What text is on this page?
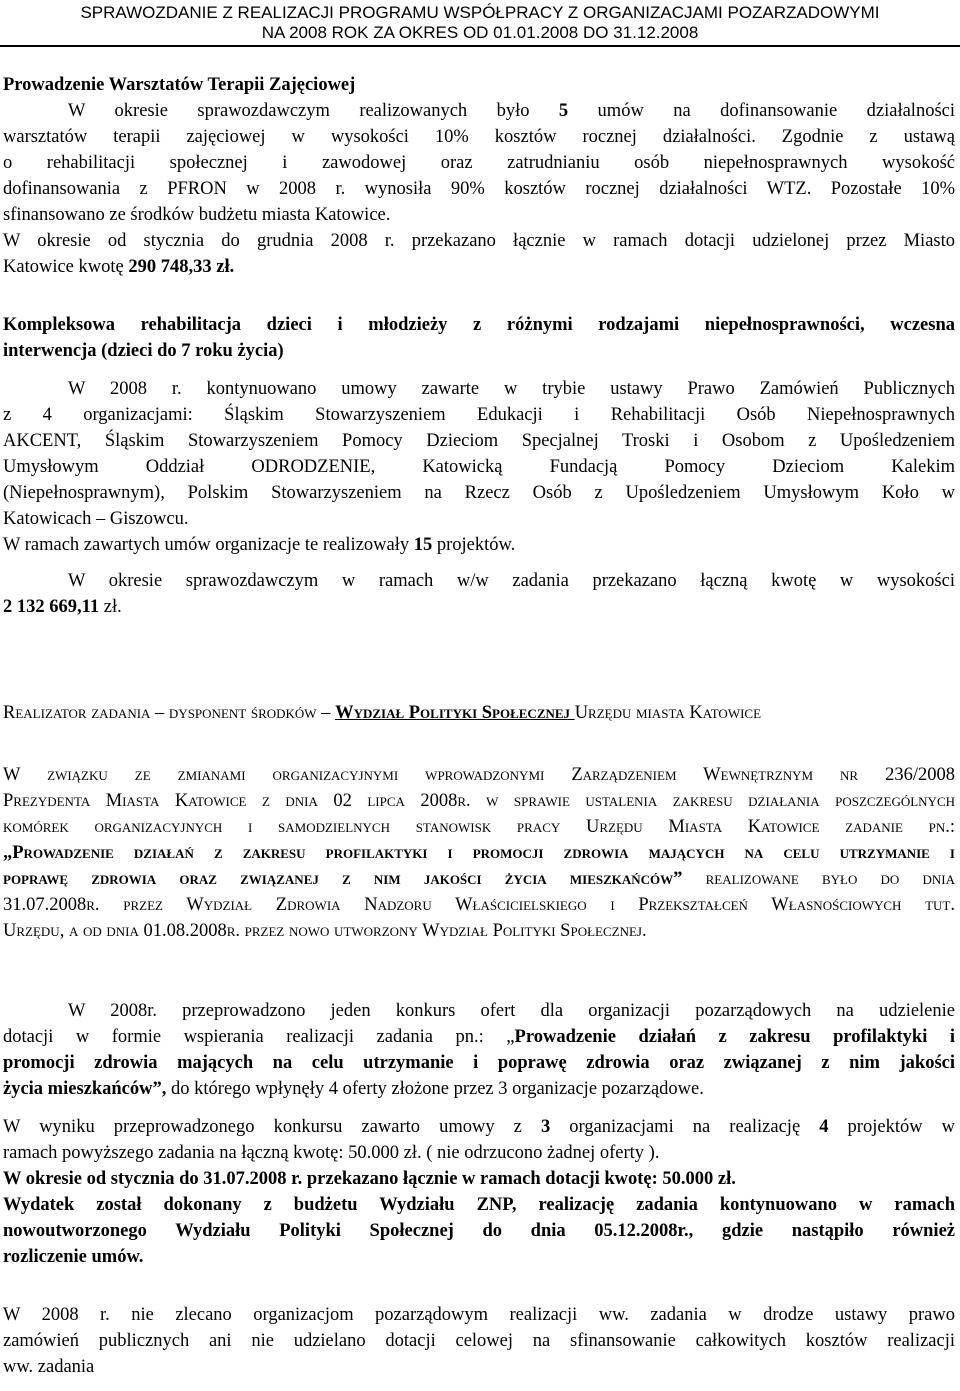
SPRAWOZDANIE Z REALIZACJI PROGRAMU WSPÓŁPRACY Z ORGANIZACJAMI POZARZADOWYMI
NA 2008 ROK ZA OKRES OD 01.01.2008 DO 31.12.2008
Prowadzenie Warsztatów Terapii Zajęciowej
W okresie sprawozdawczym realizowanych było 5 umów na dofinansowanie działalności
warsztatów terapii zajęciowej w wysokości 10% kosztów rocznej działalności. Zgodnie z ustawą
o rehabilitacji społecznej i zawodowej oraz zatrudnianiu osób niepełnosprawnych wysokość
dofinansowania z PFRON w 2008 r. wynosiła 90% kosztów rocznej działalności WTZ. Pozostałe 10%
sfinansowano ze środków budżetu miasta Katowice.
W okresie od stycznia do grudnia 2008 r. przekazano łącznie w ramach dotacji udzielonej przez Miasto
Katowice kwotę 290 748,33 zł.
Kompleksowa rehabilitacja dzieci i młodzieży z różnymi rodzajami niepełnosprawności, wczesna
interwencja (dzieci do 7 roku życia)
W 2008 r. kontynuowano umowy zawarte w trybie ustawy Prawo Zamówień Publicznych
z 4 organizacjami: Śląskim Stowarzyszeniem Edukacji i Rehabilitacji Osób Niepełnosprawnych
AKCENT, Śląskim Stowarzyszeniem Pomocy Dzieciom Specjalnej Troski i Osobom z Upośledzeniem
Umysłowym Oddział ODRODZENIE, Katowicką Fundacją Pomocy Dzieciom Kalekim
(Niepełnosprawnym), Polskim Stowarzyszeniem na Rzecz Osób z Upośledzeniem Umysłowym Koło w
Katowicach – Giszowcu.
W ramach zawartych umów organizacje te realizowały 15 projektów.
W okresie sprawozdawczym w ramach w/w zadania przekazano łączną kwotę w wysokości
2 132 669,11 zł.
Realizator zadania – dysponent środków – Wydział Polityki Społecznej Urzędu miasta Katowice
W związku ze zmianami organizacyjnymi wprowadzonymi Zarządzeniem Wewnętrznym nr 236/2008
Prezydenta Miasta Katowice z dnia 02 lipca 2008r. w sprawie ustalenia zakresu działania poszczególnych
komórek organizacyjnych i samodzielnych stanowisk pracy Urzędu Miasta Katowice zadanie pn.:
„Prowadzenie działań z zakresu profilaktyki i promocji zdrowia mających na celu utrzymanie i
poprawę zdrowia oraz związanej z nim jakości życia mieszkańców” realizowane było do dnia
31.07.2008r. przez Wydział Zdrowia Nadzoru Właścicielskiego i Przekształceń Własnościowych tut.
Urzędu, a od dnia 01.08.2008r. przez nowo utworzony Wydział Polityki Społecznej.
W 2008r. przeprowadzono jeden konkurs ofert dla organizacji pozarządowych na udzielenie
dotacji w formie wspierania realizacji zadania pn.: „Prowadzenie działań z zakresu profilaktyki i
promocji zdrowia mających na celu utrzymanie i poprawę zdrowia oraz związanej z nim jakości
życia mieszkańców”, do którego wpłynęły 4 oferty złożone przez 3 organizacje pozarządowe.
W wyniku przeprowadzonego konkursu zawarto umowy z 3 organizacjami na realizację 4 projektów w
ramach powyższego zadania na łączną kwotę: 50.000 zł. ( nie odrzucono żadnej oferty ).
W okresie od stycznia do 31.07.2008 r. przekazano łącznie w ramach dotacji kwotę: 50.000 zł.
Wydatek został dokonany z budżetu Wydziału ZNP, realizację zadania kontynuowano w ramach
nowoutworzonego Wydziału Polityki Społecznej do dnia 05.12.2008r., gdzie nastąpiło również
rozliczenie umów.
W 2008 r. nie zlecano organizacjom pozarządowym realizacji ww. zadania w drodze ustawy prawo
zamówień publicznych ani nie udzielano dotacji celowej na sfinansowanie całkowitych kosztów realizacji
ww. zadania
